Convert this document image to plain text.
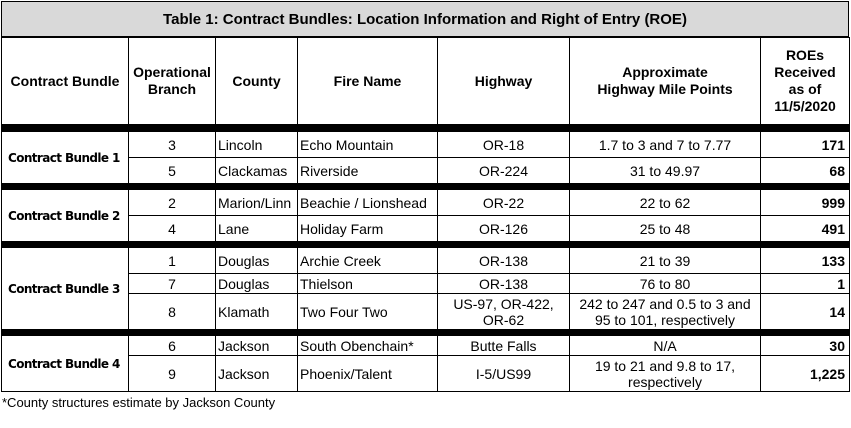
Table 1: Contract Bundles: Location Information and Right of Entry (ROE)
Contract Bundle	Operational Branch	County	Fire Name	Highway	Approximate Highway Mile Points	ROEs Received as of 11/5/2020

Contract Bundle 1	3	Lincoln	Echo Mountain	OR-18	1.7 to 3 and 7 to 7.77	171
	5	Clackamas	Riverside	OR-224	31 to 49.97	68

Contract Bundle 2	2	Marion/Linn	Beachie / Lionshead	OR-22	22 to 62	999
	4	Lane	Holiday Farm	OR-126	25 to 48	491

Contract Bundle 3	1	Douglas	Archie Creek	OR-138	21 to 39	133
	7	Douglas	Thielson	OR-138	76 to 80	1
	8	Klamath	Two Four Two	US-97, OR-422, OR-62	242 to 247 and 0.5 to 3 and 95 to 101, respectively	14

Contract Bundle 4	6	Jackson	South Obenchain*	Butte Falls	N/A	30
	9	Jackson	Phoenix/Talent	I-5/US99	19 to 21 and 9.8 to 17, respectively	1,225
*County structures estimate by Jackson County
